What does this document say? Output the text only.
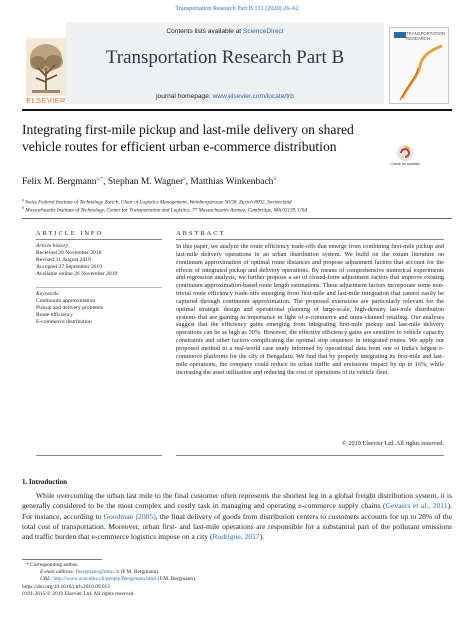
Transportation Research Part B 131 (2020) 26–62
Contents lists available at ScienceDirect
Transportation Research Part B
journal homepage: www.elsevier.com/locate/trb
ELSEVIER
TRANSPORTATION RESEARCH
Integrating first-mile pickup and last-mile delivery on shared vehicle routes for efficient urban e-commerce distribution
Check for updates
Felix M. Bergmann$^{a,*}$, Stephan M. Wagner$^a$, Matthias Winkenbach$^b$
$^a$ Swiss Federal Institute of Technology Zurich, Chair of Logistics Management, Weinbergstrasse 56/58, Zurich 8092, Switzerland
$^b$ Massachusetts Institute of Technology, Center for Transportation and Logistics, 77 Massachusetts Avenue, Cambridge, MA 02139, USA
ARTICLE INFO	ABSTRACT
Article history:
Received 20 November 2018
Revised 31 August 2019
Accepted 27 September 2019
Available online 26 November 2019
Keywords:
Continuum approximation
Pickup and delivery problems
Route efficiency
E-commerce distribution
In this paper, we analyze the route efficiency trade-offs that emerge from combining first-mile pickup and last-mile delivery operations in an urban distribution system. We build on the extant literature on continuum approximation of optimal route distances and propose adjustment factors that account for the effects of integrated pickup and delivery operations. By means of comprehensive numerical experiments and regression analysis, we further propose a set of closed-form adjustment factors that improve existing continuum approximation-based route length estimations. These adjustment factors incorporate some non-trivial route efficiency trade-offs emerging from first-mile and last-mile integration that cannot easily be captured through continuum approximation. The proposed extensions are particularly relevant for the optimal strategic design and operational planning of large-scale, high-density last-mile distribution systems that are gaining in importance in light of e-commerce and omni-channel retailing. Our analyses suggest that the efficiency gains emerging from integrating first-mile pickup and last-mile delivery operations can be as high as 30%. However, the effective efficiency gains are sensitive to vehicle capacity constraints and other factors complicating the optimal stop sequence in integrated routes. We apply our proposed method to a real-world case study informed by operational data from one of India's largest e-commerce platforms for the city of Bengaluru. We find that by properly integrating its first-mile and last-mile operations, the company could reduce its urban traffic and emissions impact by up to 16%, while increasing the asset utilization and reducing the cost of operations of its vehicle fleet.
© 2019 Elsevier Ltd. All rights reserved.
1. Introduction
While overcoming the urban last mile to the final customer often represents the shortest leg in a global freight distribution system, it is generally considered to be the most complex and costly task in managing and operating e-commerce supply chains (Gevaers et al., 2011). For instance, according to Goodman (2005), the final delivery of goods from distribution centers to customers accounts for up to 28% of the total cost of transportation. Moreover, urban first- and last-mile operations are responsible for a substantial part of the pollutant emissions and traffic burden that e-commerce logistics impose on a city (Rodrigue, 2017).
* Corresponding author.
E-mail address: fbergmann@ethz.ch (F.M. Bergmann).
URL: http://www.scm.ethz.ch/people/fbergmann.html (F.M. Bergmann).
https://doi.org/10.1016/j.trb.2019.09.013
0191-2615/© 2019 Elsevier Ltd. All rights reserved.
